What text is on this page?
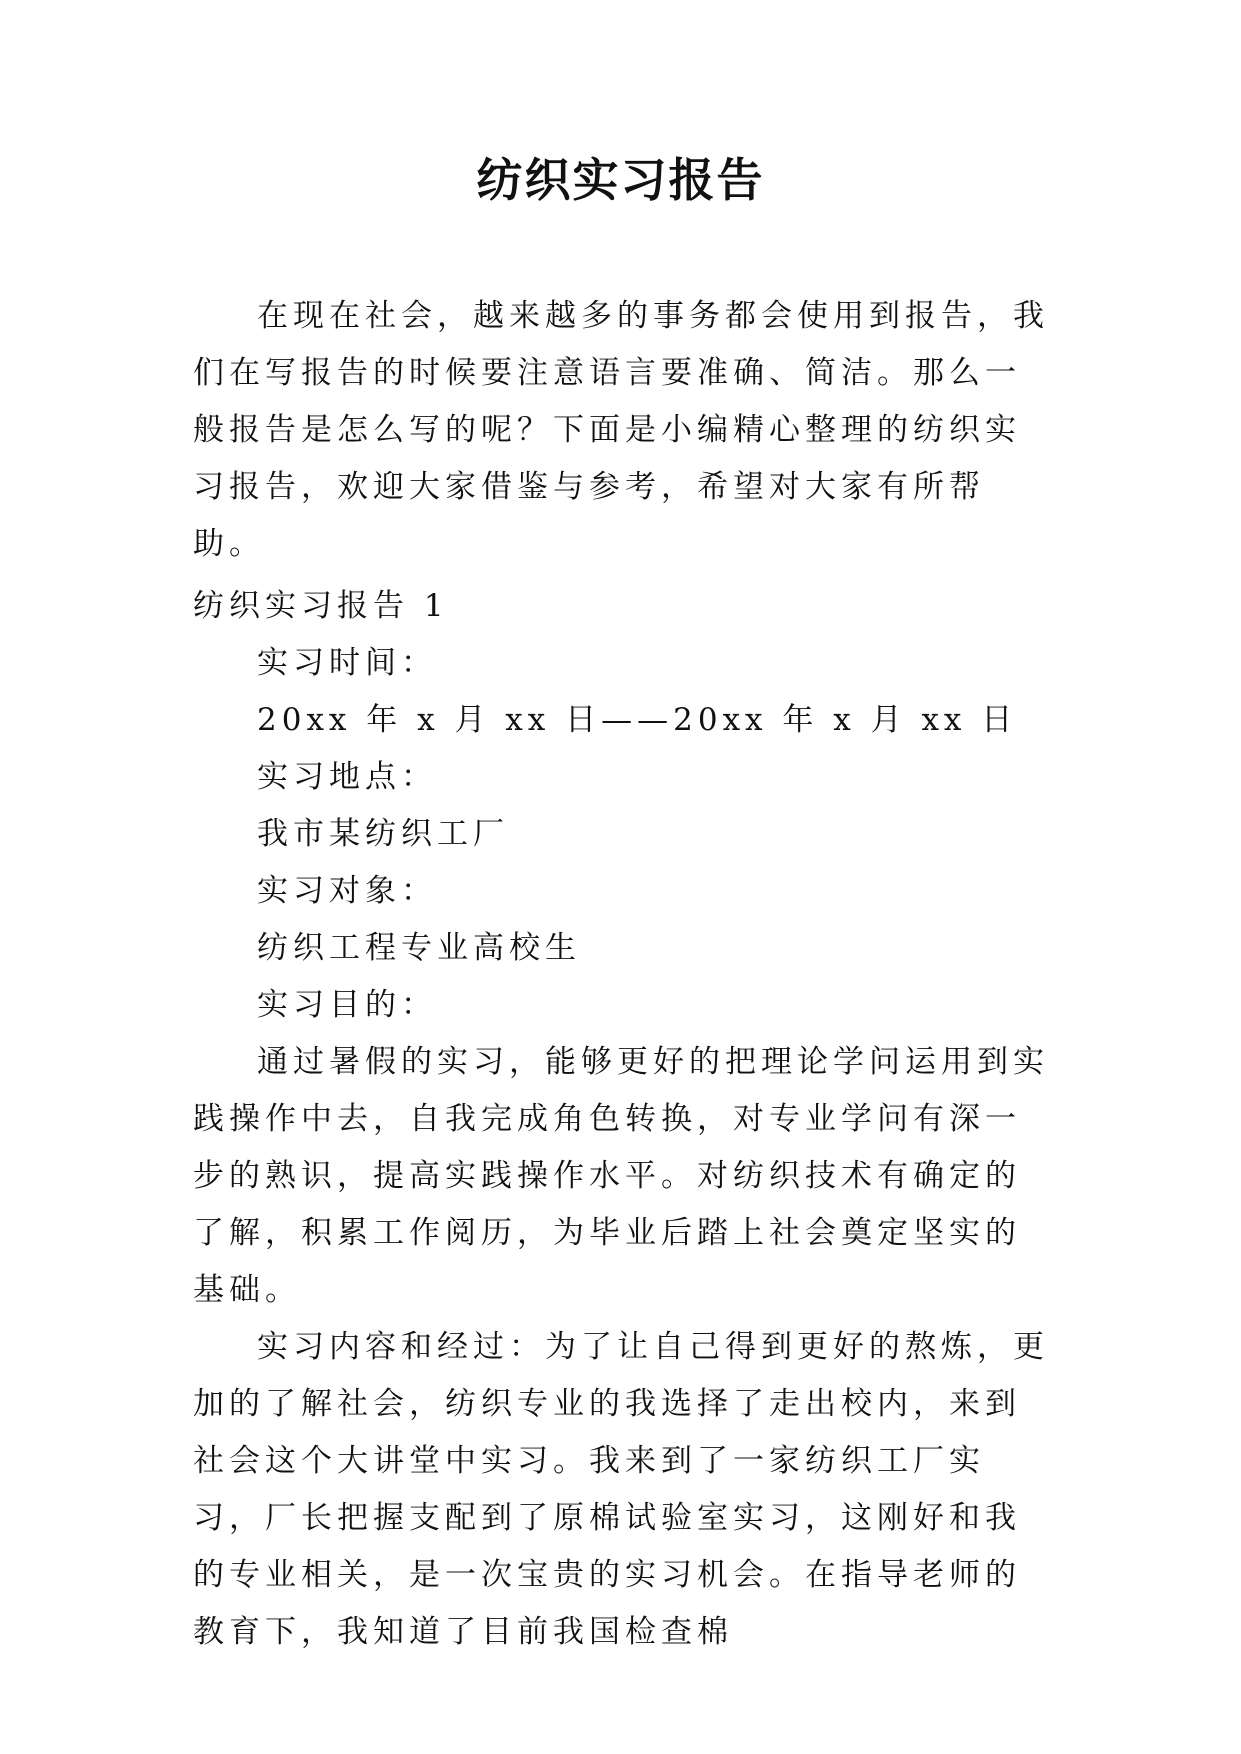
纺织实习报告

在现在社会，越来越多的事务都会使用到报告，我们在写报告的时候要注意语言要准确、简洁。那么一般报告是怎么写的呢？下面是小编精心整理的纺织实习报告，欢迎大家借鉴与参考，希望对大家有所帮助。

纺织实习报告 1

实习时间：

20xx 年 x 月 xx 日——20xx 年 x 月 xx 日

实习地点：

我市某纺织工厂

实习对象：

纺织工程专业高校生

实习目的：

通过暑假的实习，能够更好的把理论学问运用到实践操作中去，自我完成角色转换，对专业学问有深一步的熟识，提高实践操作水平。对纺织技术有确定的了解，积累工作阅历，为毕业后踏上社会奠定坚实的基础。

实习内容和经过：为了让自己得到更好的熬炼，更加的了解社会，纺织专业的我选择了走出校内，来到社会这个大讲堂中实习。我来到了一家纺织工厂实习，厂长把握支配到了原棉试验室实习，这刚好和我的专业相关，是一次宝贵的实习机会。在指导老师的教育下，我知道了目前我国检查棉
